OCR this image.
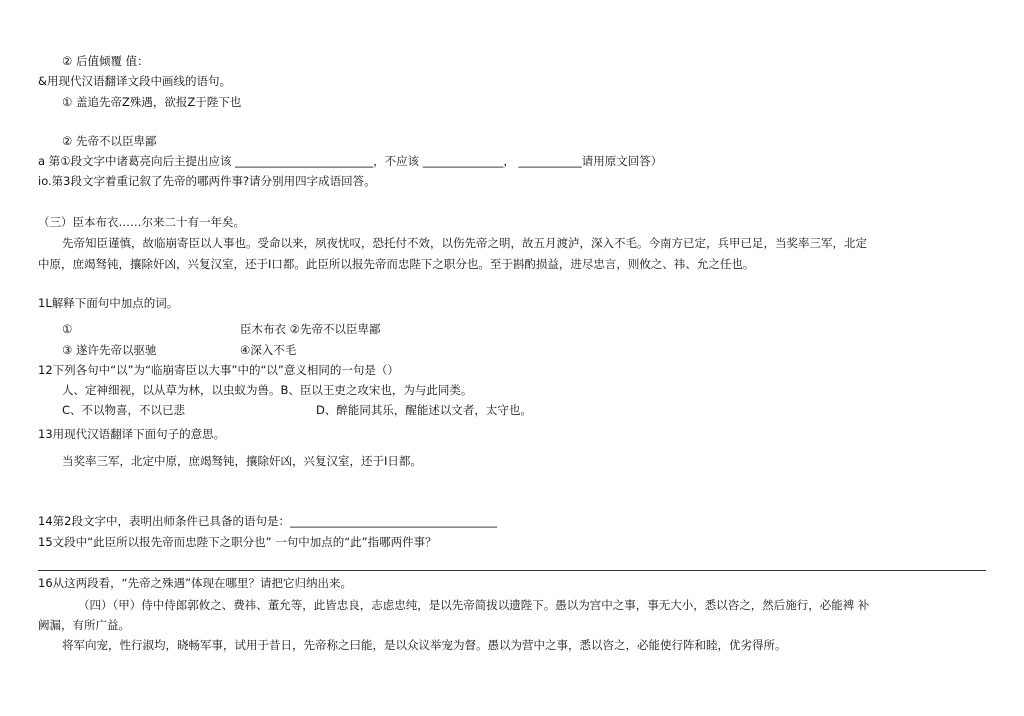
② 后值倾覆 值：
&用现代汉语翻译文段中画线的语句。
① 盖追先帝Z殊遇，欲报Z于陛下也
② 先帝不以臣卑鄙
a 第①段文字中诸葛亮向后主提出应该 ________________________，不应该 ______________， ___________请用原文回答）
io.第3段文字着重记叙了先帝的哪两件事?请分别用四字成语回答。
（三）臣本布衣……尔来二十有一年矣。
先帝知臣谨慎，故临崩寄臣以人事也。受命以来，夙夜忧叹，恐托付不效，以伤先帝之明，故五月渡泸，深入不毛。今南方已定，兵甲已足，当奖率三军，北定
中原，庶竭驽钝，攘除奸凶，兴复汉室，还于I口都。此臣所以报先帝而忠陛下之职分也。至于斟酌损益，进尽忠言，则攸之、祎、允之任也。
1L解释下面句中加点的词。
①	臣木布衣 ②先帝不以臣卑鄙
③ 遂许先帝以驱驰	④深入不毛
12下列各句中“以”为“临崩寄臣以大事”中的“以”意义相同的一句是（）
人、定神细视，以从草为林，以虫蚁为兽。B、臣以王吏之攻宋也，为与此同类。
C、不以物喜，不以已悲	D、醉能同其乐，醒能述以文者，太守也。
13用现代汉语翻译下面句子的意思。
当奖率三军，北定中原，庶竭驽钝，攘除奸凶，兴复汉室，还于I日都。
14第2段文字中，表明出师条件已具备的语句是：____________________________________
15文段中“此臣所以报先帝而忠陛下之职分也” 一句中加点的“此”指哪两件事？
16从这两段看，“先帝之殊遇”体现在哪里？请把它归纳出来。
（四）（甲）侍中侍郎郭攸之、费祎、董允等，此皆忠良，志虑忠纯，是以先帝简拔以遗陛下。愚以为宫中之事，事无大小，悉以咨之，然后施行，必能裨 补
阙漏，有所广益。
将军向宠，性行淑均，晓畅军事，试用于昔日，先帝称之曰能，是以众议举宠为督。愚以为营中之事，悉以咨之，必能使行阵和睦，优劣得所。
